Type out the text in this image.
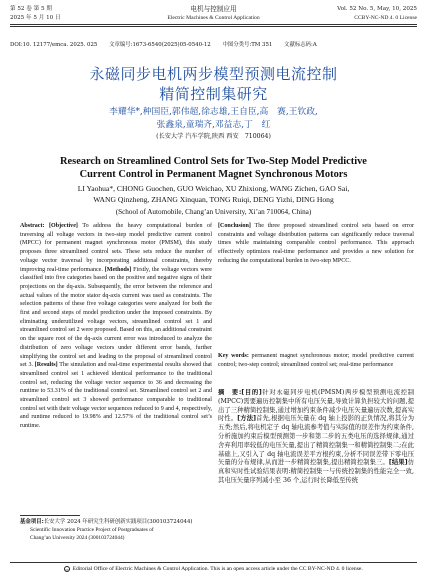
第 52 卷 第 5 期	电机与控制应用	Vol. 52 No. 5, May, 10, 2025
2025 年 5 月 10 日	Electric Machines & Control Application	CCBY-NC-ND 4. 0 License
DOI:10. 12177/emca. 2025. 025 文章编号:1673-6540(2025)05-0540-12 中图分类号:TM 351 文献标志码:A
永磁同步电机两步模型预测电流控制
精简控制集研究
李耀华*,种国臣,郭伟超,徐志雄,王自臣,高　赛,王钦政,
张鑫泉,童瑞齐,邓益志,丁　红
(长安大学 汽车学院,陕西 西安　710064)
Research on Streamlined Control Sets for Two-Step Model Predictive
Current Control in Permanent Magnet Synchronous Motors
LI Yaohua*, CHONG Guochen, GUO Weichao, XU Zhixiong, WANG Zichen, GAO Sai,
WANG Qinzheng, ZHANG Xinquan, TONG Ruiqi, DENG Yizhi, DING Hong
(School of Automobile, Chang’an University, Xi’an 710064, China)
Abstract: [Objective] To address the heavy computational burden of traversing all voltage vectors in two-step model predictive current control (MPCC) for permanent magnet synchronous motor (PMSM), this study proposes three streamlined control sets. These sets reduce the number of voltage vector traversal by incorporating additional constraints, thereby improving real-time performance. [Methods] Firstly, the voltage vectors were classified into five categories based on the positive and negative signs of their projections on the dq-axis. Subsequently, the error between the reference and actual values of the motor stator dq-axis current was used as constraints. The selection patterns of these five voltage categories were analyzed for both the first and second steps of model prediction under the imposed constraints. By eliminating underutilized voltage vectors, streamlined control set 1 and streamlined control set 2 were proposed. Based on this, an additional constraint on the square root of the dq-axis current error was introduced to analyze the distribution of zero voltage vectors under different error bands, further simplifying the control set and leading to the proposal of streamlined control set 3. [Results] The simulation and real-time experimental results showed that streamlined control set 1 achieved identical performance to the traditional control set, reducing the voltage vector sequence to 36 and decreasing the runtime to 53.31% of the traditional control set. Streamlined control set 2 and streamlined control set 3 showed performance comparable to traditional control set with their voltage vector sequences reduced to 9 and 4, respectively, and runtime reduced to 19.98% and 12.57% of the traditional control set’s runtime.
[Conclusion] The three proposed streamlined control sets based on error constraints and voltage distribution patterns can significantly reduce traversal times while maintaining comparable control performance. This approach effectively optimizes real-time performance and provides a new solution for reducing the computational burden in two-step MPCC.
Key words: permanent magnet synchronous motor; model predictive current control; two-step control; streamlined control set; real-time performance
摘　要:[目的]针对永磁同步电机(PMSM)两步模型预测电流控制(MPCC)需要遍历控制集中所有电压矢量,导致计算负担较大的问题,提出了三种精简控制集,通过增加约束条件减少电压矢量遍历次数,提高实时性。[方法]首先,根据电压矢量在 dq 轴上投影的正负情况,将其分为五类;然后,将电机定子 dq 轴电流参考值与实际值的误差作为约束条件,分析施加约束后模型预测第一步和第二步的五类电压的选择规律,通过舍弃利用率较低的电压矢量,提出了精简控制集一和精简控制集二;在此基础上,又引入了 dq 轴电流误差平方根约束,分析不同误差带下零电压矢量的分布规律,从而进一步精简控制集,提出精简控制集三。[结果]仿真和实时性试验结果表明:精简控制集一与传统控制集的性能完全一致,其电压矢量序列减小至 36 个,运行时长降低至传统
基金项目:长安大学 2024 年研究生科研创新实践项目(300103724044)
Scientific Innovation Practice Project of Postgraduates of
Chang’an University 2024 (300103724044)
cc Editorial Office of Electric Machines & Control Application. This is an open access article under the CC BY-NC-ND 4. 0 license.
